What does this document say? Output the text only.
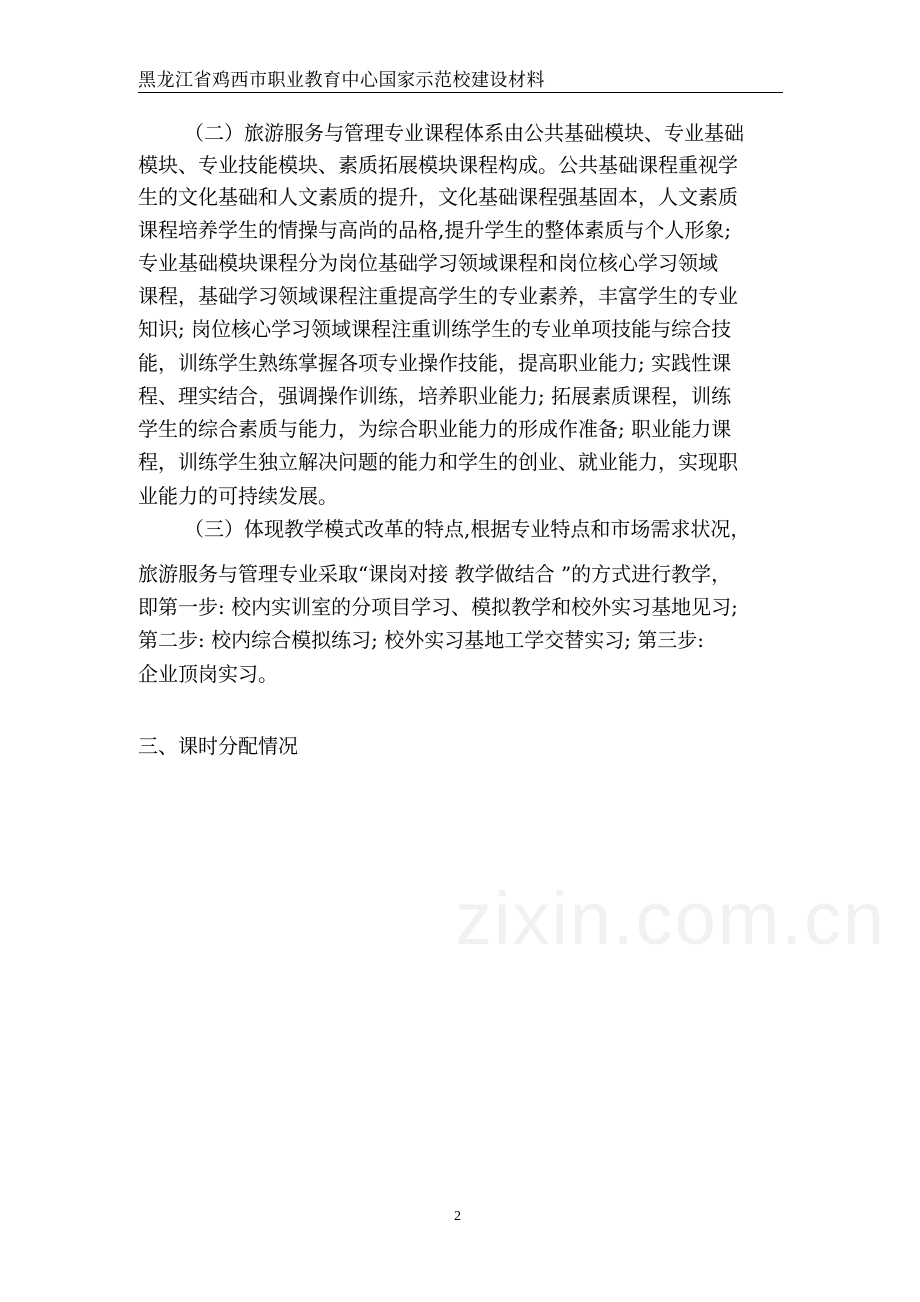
zixin.com.cn
黑龙江省鸡西市职业教育中心国家示范校建设材料
（二）旅游服务与管理专业课程体系由公共基础模块、专业基础
模块、专业技能模块、素质拓展模块课程构成。公共基础课程重视学
生的文化基础和人文素质的提升，文化基础课程强基固本，人文素质
课程培养学生的情操与高尚的品格,提升学生的整体素质与个人形象;
专业基础模块课程分为岗位基础学习领域课程和岗位核心学习领域
课程，基础学习领域课程注重提高学生的专业素养，丰富学生的专业
知识; 岗位核心学习领域课程注重训练学生的专业单项技能与综合技
能，训练学生熟练掌握各项专业操作技能，提高职业能力; 实践性课
程、理实结合，强调操作训练，培养职业能力; 拓展素质课程，训练
学生的综合素质与能力，为综合职业能力的形成作准备; 职业能力课
程，训练学生独立解决问题的能力和学生的创业、就业能力，实现职
业能力的可持续发展。
（三）体现教学模式改革的特点,根据专业特点和市场需求状况，
旅游服务与管理专业采取“课岗对接 教学做结合 ”的方式进行教学，
即第一步: 校内实训室的分项目学习、模拟教学和校外实习基地见习;
第二步: 校内综合模拟练习; 校外实习基地工学交替实习; 第三步:
企业顶岗实习。
三、课时分配情况
2
